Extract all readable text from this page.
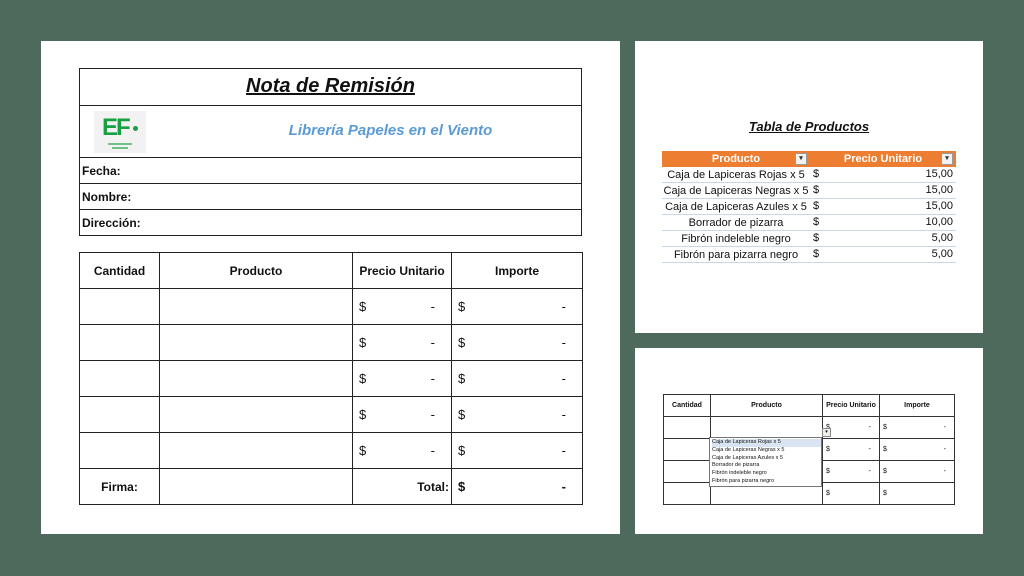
Nota de Remisión
EF	Librería Papeles en el Viento
Fecha:
Nombre:
Dirección:
Cantidad	Producto	Precio Unitario	Importe

		$ -	$ -

		$ -	$ -

		$ -	$ -

		$ -	$ -

		$ -	$ -

Firma:		Total:	$ -
Tabla de Productos
Producto ▾	Precio Unitario ▾

Caja de Lapiceras Rojas x 5	$ 15,00

Caja de Lapiceras Negras x 5	$ 15,00

Caja de Lapiceras Azules x 5	$ 15,00

Borrador de pizarra	$ 10,00

Fibrón indeleble negro	$ 5,00

Fibrón para pizarra negro	$ 5,00
Cantidad	Producto	Precio Unitario	Importe

		-	$ -

		$ -	$ -

		$ -	$ -

		$	$
▾
Caja de Lapiceras Rojas x 5
Caja de Lapiceras Negras x 5
Caja de Lapiceras Azules x 5
Borrador de pizarra
Fibrón indeleble negro
Fibrón para pizarra negro
